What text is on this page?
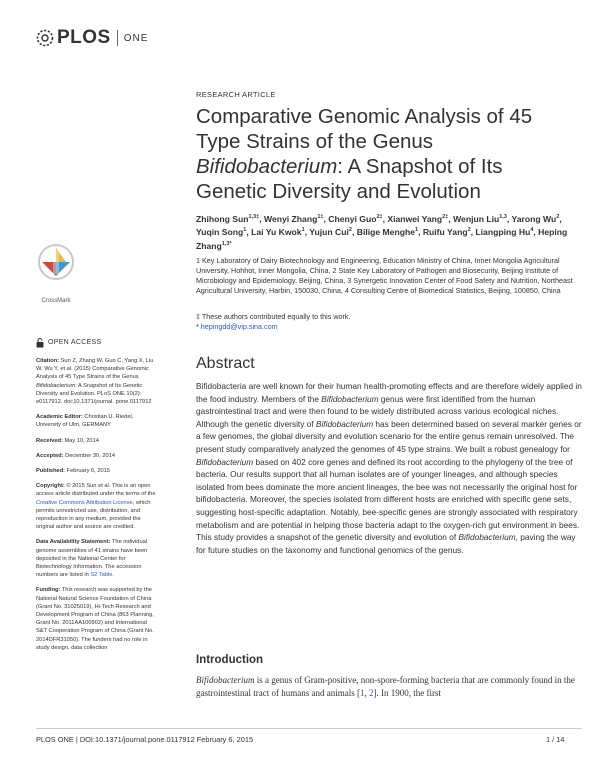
PLOS ONE
RESEARCH ARTICLE
Comparative Genomic Analysis of 45 Type Strains of the Genus Bifidobacterium: A Snapshot of Its Genetic Diversity and Evolution
Zhihong Sun$^{1,3\ddagger}$, Wenyi Zhang$^{1\ddagger}$, Chenyi Guo$^{2\ddagger}$, Xianwei Yang$^{2\ddagger}$, Wenjun Liu$^{1,3}$, Yarong Wu$^2$, Yuqin Song$^1$, Lai Yu Kwok$^1$, Yujun Cui$^2$, Bilige Menghe$^1$, Ruifu Yang$^2$, Liangping Hu$^4$, Heping Zhang$^{1,3*}$
1 Key Laboratory of Dairy Biotechnology and Engineering, Education Ministry of China, Inner Mongolia Agricultural University, Hohhot, Inner Mongolia, China, 2 State Key Laboratory of Pathogen and Biosecurity, Beijing Institute of Microbiology and Epidemiology, Beijing, China, 3 Synergetic Innovation Center of Food Safety and Nutrition, Northeast Agricultural University, Harbin, 150030, China, 4 Consulting Centre of Biomedical Statistics, Beijing, 100850, China
‡ These authors contributed equally to this work.
* hepingdd@vip.sina.com
CrossMark
OPEN ACCESS
Citation: Sun Z, Zhang W, Guo C, Yang X, Liu W, Wu Y, et al. (2015) Comparative Genomic Analysis of 45 Type Strains of the Genus Bifidobacterium: A Snapshot of Its Genetic Diversity and Evolution. PLoS ONE 10(2): e0117912. doi:10.1371/journal. pone.0117912
Academic Editor: Christian U. Riedel, University of Ulm, GERMANY
Received: May 10, 2014
Accepted: December 30, 2014
Published: February 6, 2015
Copyright: © 2015 Sun et al. This is an open access article distributed under the terms of the Creative Commons Attribution License, which permits unrestricted use, distribution, and reproduction in any medium, provided the original author and source are credited.
Data Availability Statement: The individual genome assemblies of 41 strains have been deposited in the National Center for Biotechnology Information. The accession numbers are listed in S2 Table.
Funding: This research was supported by the National Natural Science Foundation of China (Grant No. 31025019), Hi-Tech Research and Development Program of China (863 Planning, Grant No. 2011AA100902) and International S&T Cooperation Program of China (Grant No. 2014DFR31050). The funders had no role in study design, data collection
Abstract
Bifidobacteria are well known for their human health-promoting effects and are therefore widely applied in the food industry. Members of the Bifidobacterium genus were first identified from the human gastrointestinal tract and were then found to be widely distributed across various ecological niches. Although the genetic diversity of Bifidobacterium has been determined based on several marker genes or a few genomes, the global diversity and evolution scenario for the entire genus remain unresolved. The present study comparatively analyzed the genomes of 45 type strains. We built a robust genealogy for Bifidobacterium based on 402 core genes and defined its root according to the phylogeny of the tree of bacteria. Our results support that all human isolates are of younger lineages, and although species isolated from bees dominate the more ancient lineages, the bee was not necessarily the original host for bifidobacteria. Moreover, the species isolated from different hosts are enriched with specific gene sets, suggesting host-specific adaptation. Notably, bee-specific genes are strongly associated with respiratory metabolism and are potential in helping those bacteria adapt to the oxygen-rich gut environment in bees. This study provides a snapshot of the genetic diversity and evolution of Bifidobacterium, paving the way for future studies on the taxonomy and functional genomics of the genus.
Introduction
Bifidobacterium is a genus of Gram-positive, non-spore-forming bacteria that are commonly found in the gastrointestinal tract of humans and animals [1, 2]. In 1900, the first
PLOS ONE | DOI:10.1371/journal.pone.0117912 February 6, 2015	1 / 14
